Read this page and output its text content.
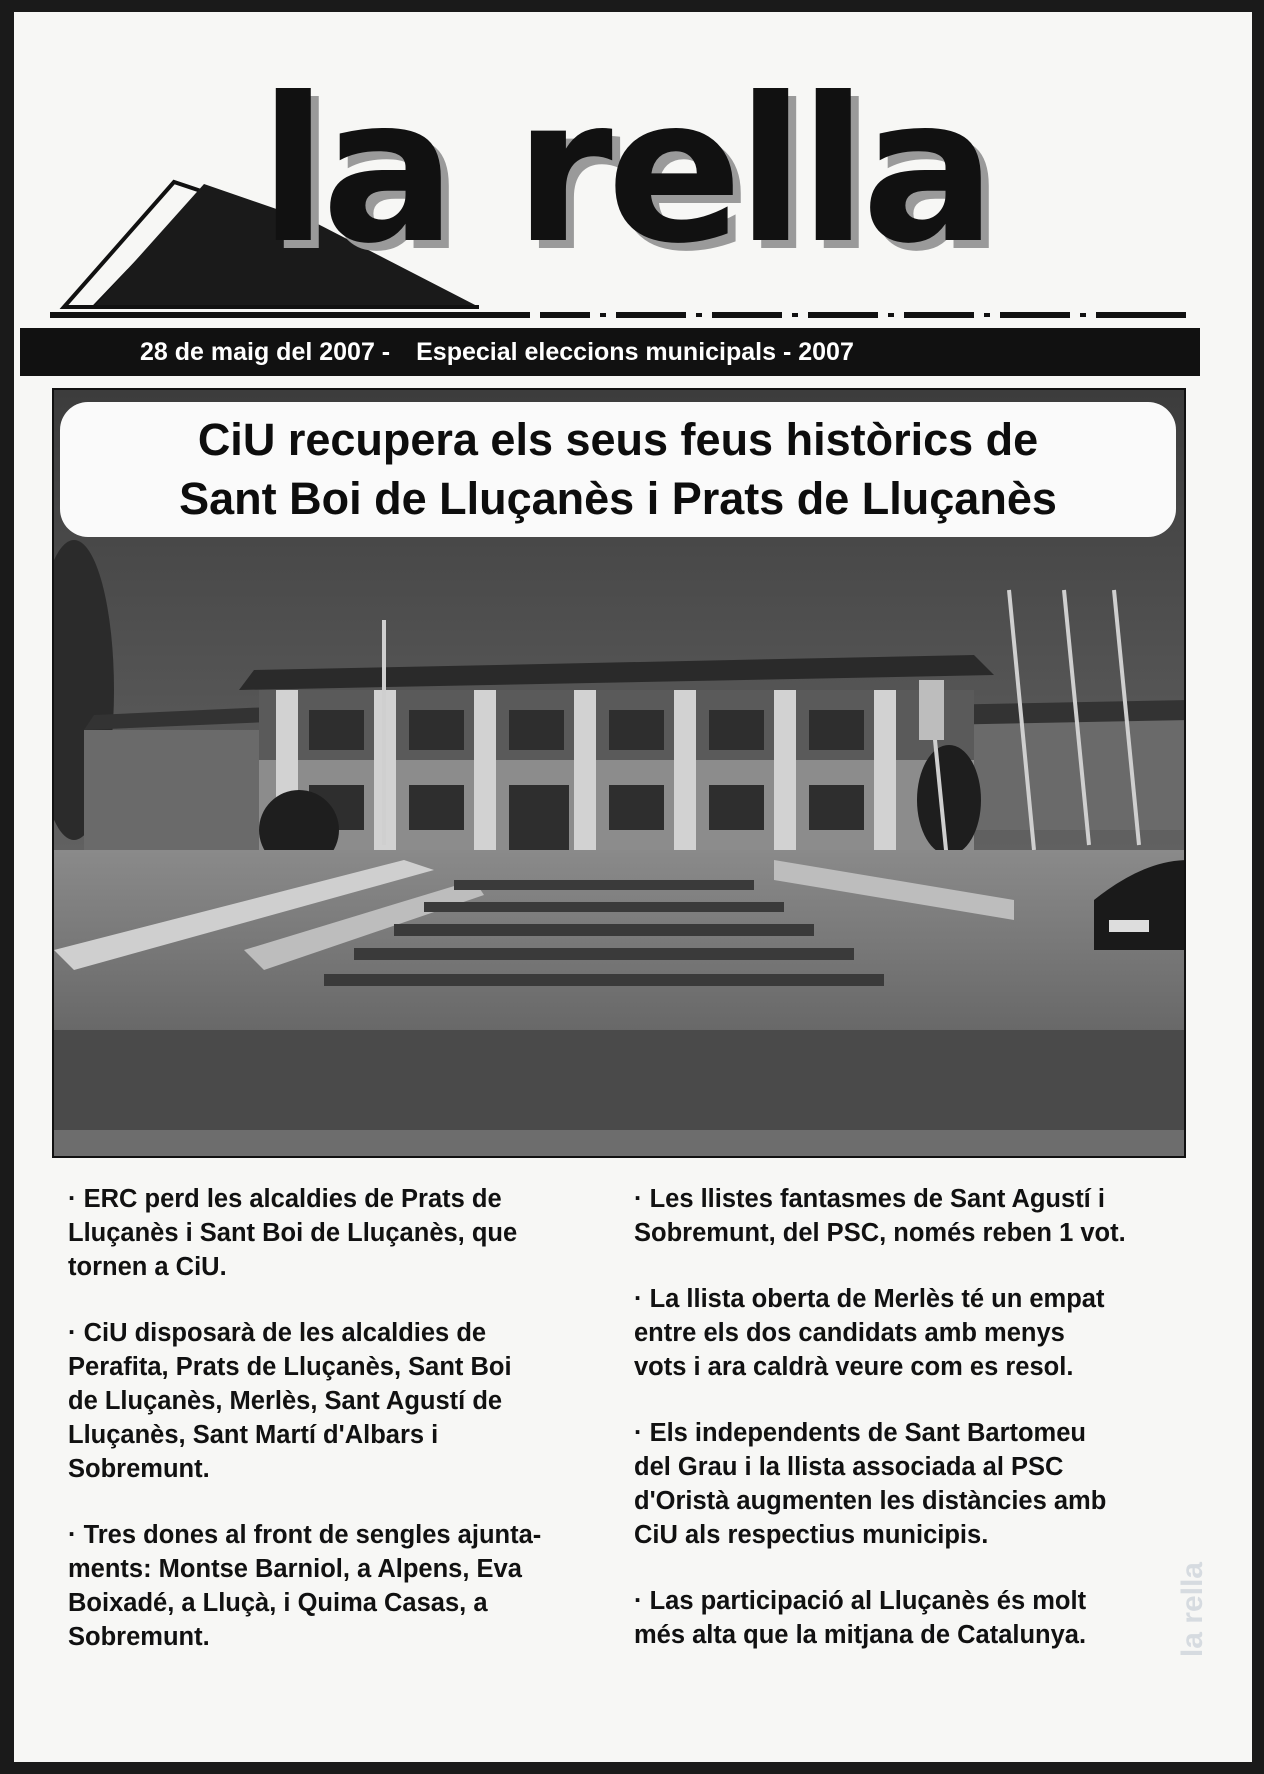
la rella
28 de maig del 2007 - Especial eleccions municipals - 2007
CiU recupera els seus feus històrics de
Sant Boi de Lluçanès i Prats de Lluçanès

· ERC perd les alcaldies de Prats de
Lluçanès i Sant Boi de Lluçanès, que
tornen a CiU.

· CiU disposarà de les alcaldies de
Perafita, Prats de Lluçanès, Sant Boi
de Lluçanès, Merlès, Sant Agustí de
Lluçanès, Sant Martí d'Albars i
Sobremunt.

· Tres dones al front de sengles ajunta-
ments: Montse Barniol, a Alpens, Eva
Boixadé, a Lluçà, i Quima Casas, a
Sobremunt.

· Les llistes fantasmes de Sant Agustí i
Sobremunt, del PSC, només reben 1 vot.

· La llista oberta de Merlès té un empat
entre els dos candidats amb menys
vots i ara caldrà veure com es resol.

· Els independents de Sant Bartomeu
del Grau i la llista associada al PSC
d'Oristà augmenten les distàncies amb
CiU als respectius municipis.

· Las participació al Lluçanès és molt
més alta que la mitjana de Catalunya.	la rella
